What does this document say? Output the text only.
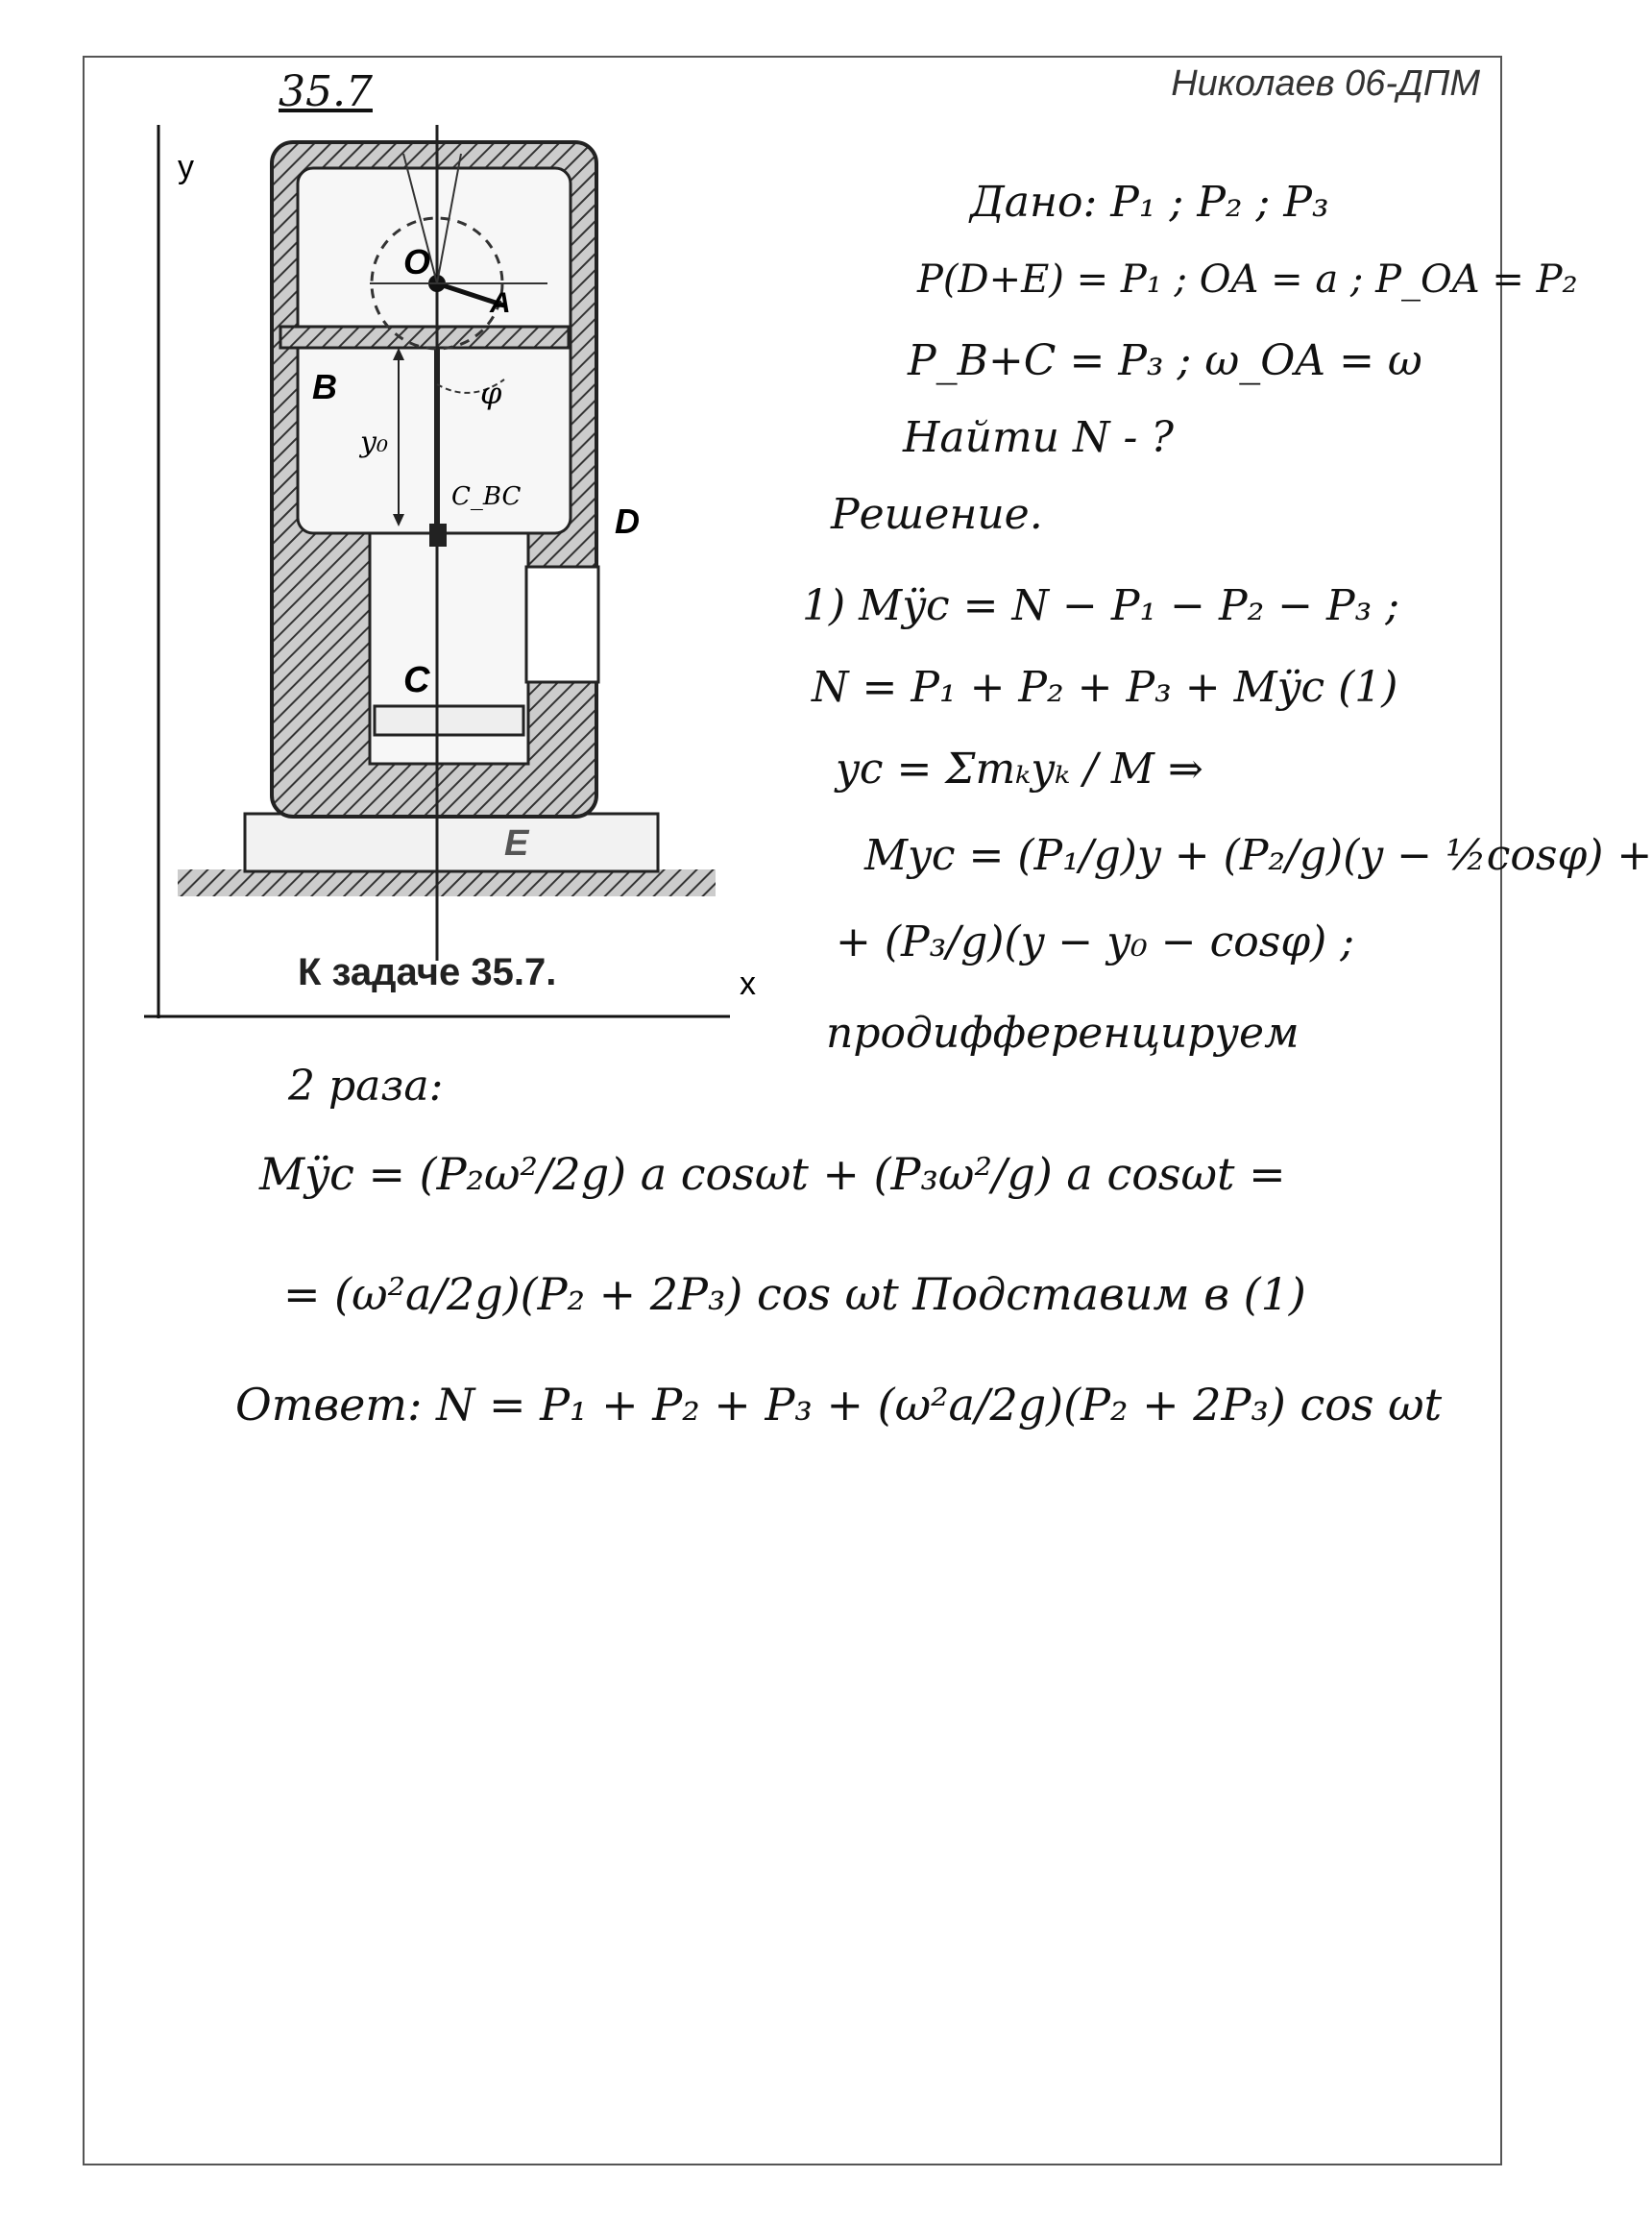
Николаев 06-ДПМ
35.7
y
x
O
A
B
D
C
E
φ
y₀
C_BC
К задаче 35.7.
Дано: P₁ ; P₂ ; P₃
P(D+E) = P₁ ; OA = a ; P_OA = P₂
P_B+C = P₃ ; ω_OA = ω
Найти N - ?
Решение.
1) Mÿc = N − P₁ − P₂ − P₃ ;
N = P₁ + P₂ + P₃ + Mÿc (1)
yc = Σmₖyₖ / M ⇒
Myc = (P₁/g)y + (P₂/g)(y − ½cosφ) +
+ (P₃/g)(y − y₀ − cosφ) ;
продифференцируем
2 раза:
Mÿc = (P₂ω²/2g) a cosωt + (P₃ω²/g) a cosωt =
= (ω²a/2g)(P₂ + 2P₃) cos ωt Подставим в (1)
Ответ: N = P₁ + P₂ + P₃ + (ω²a/2g)(P₂ + 2P₃) cos ωt
